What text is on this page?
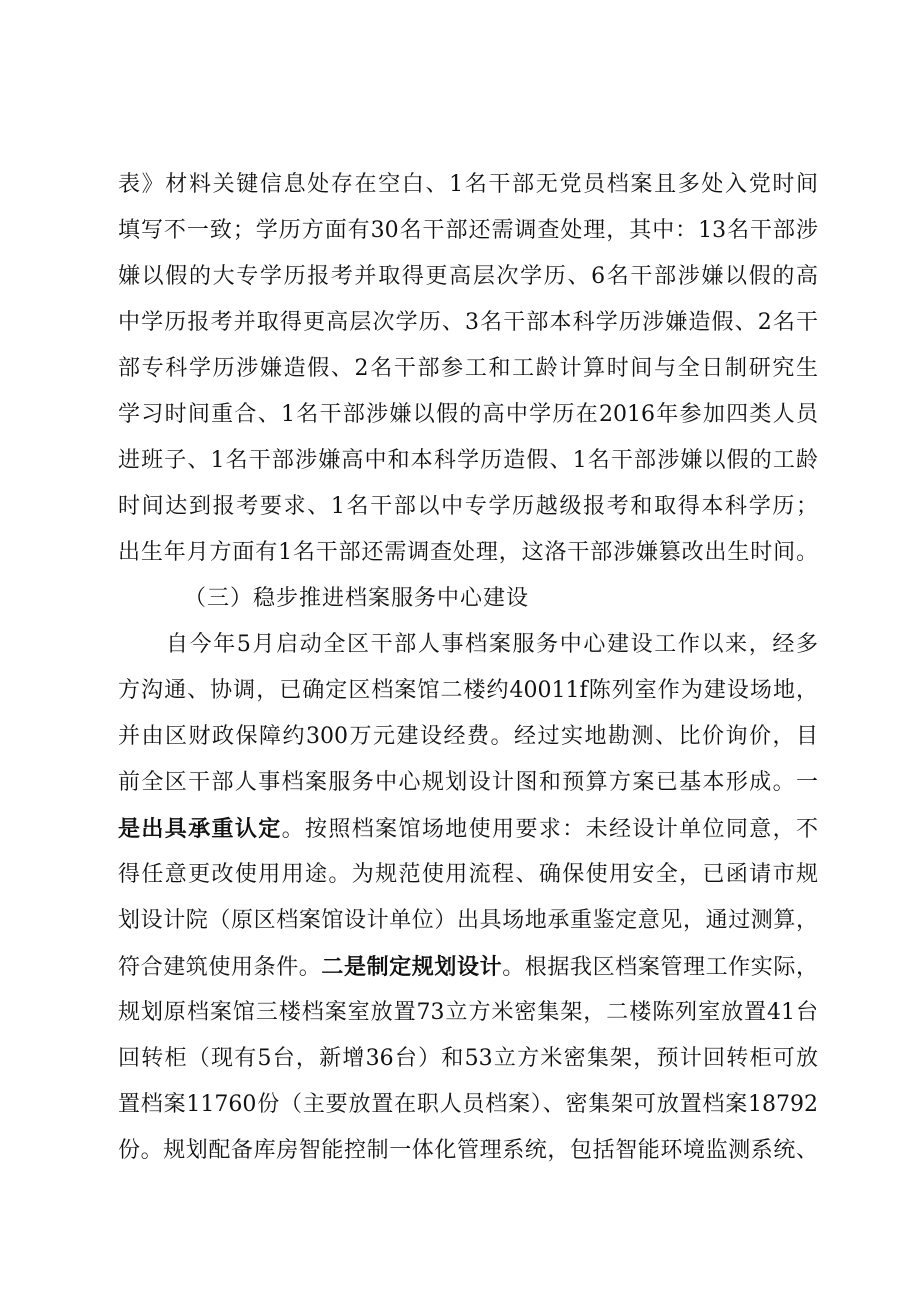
表》材料关键信息处存在空白、1名干部无党员档案且多处入党时间
填写不一致；学历方面有30名干部还需调查处理，其中：13名干部涉
嫌以假的大专学历报考并取得更高层次学历、6名干部涉嫌以假的高
中学历报考并取得更高层次学历、3名干部本科学历涉嫌造假、2名干
部专科学历涉嫌造假、2名干部参工和工龄计算时间与全日制研究生
学习时间重合、1名干部涉嫌以假的高中学历在2016年参加四类人员
进班子、1名干部涉嫌高中和本科学历造假、1名干部涉嫌以假的工龄
时间达到报考要求、1名干部以中专学历越级报考和取得本科学历；
出生年月方面有1名干部还需调查处理，这洛干部涉嫌篡改出生时间。
（三）稳步推进档案服务中心建设
自今年5月启动全区干部人事档案服务中心建设工作以来，经多
方沟通、协调，已确定区档案馆二楼约40011f陈列室作为建设场地，
并由区财政保障约300万元建设经费。经过实地勘测、比价询价，目
前全区干部人事档案服务中心规划设计图和预算方案已基本形成。一
是出具承重认定。按照档案馆场地使用要求：未经设计单位同意，不
得任意更改使用用途。为规范使用流程、确保使用安全，已函请市规
划设计院（原区档案馆设计单位）出具场地承重鉴定意见，通过测算，
符合建筑使用条件。二是制定规划设计。根据我区档案管理工作实际，
规划原档案馆三楼档案室放置73立方米密集架，二楼陈列室放置41台
回转柜（现有5台，新增36台）和53立方米密集架，预计回转柜可放
置档案11760份（主要放置在职人员档案）、密集架可放置档案18792
份。规划配备库房智能控制一体化管理系统，包括智能环境监测系统、
